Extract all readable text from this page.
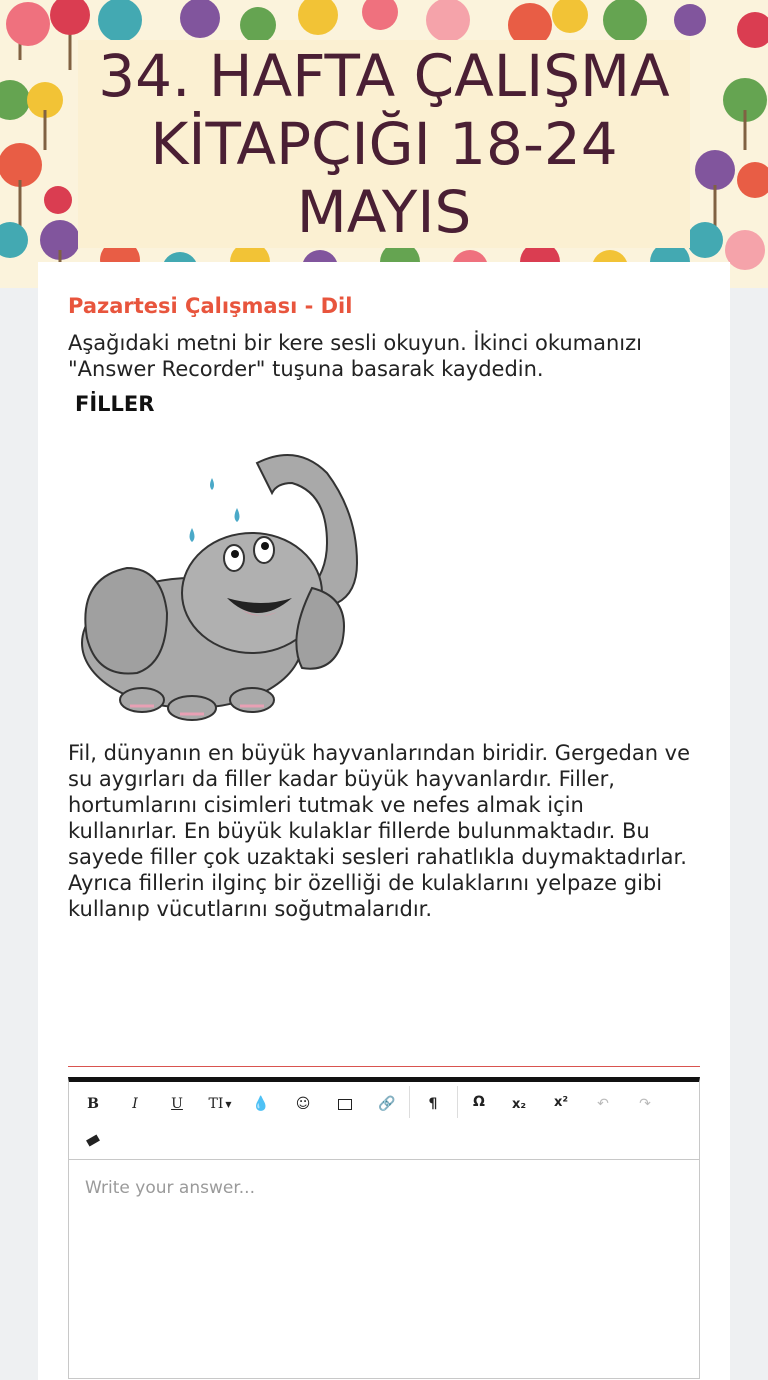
34. HAFTA ÇALIŞMA KİTAPÇIĞI 18-24 MAYIS
Pazartesi Çalışması - Dil
Aşağıdaki metni bir kere sesli okuyun. İkinci okumanızı "Answer Recorder" tuşuna basarak kaydedin.
FİLLER
Fil, dünyanın en büyük hayvanlarından biridir. Gergedan ve su aygırları da filler kadar büyük hayvanlardır. Filler, hortumlarını cisimleri tutmak ve nefes almak için kullanırlar. En büyük kulaklar fillerde bulunmaktadır. Bu sayede filler çok uzaktaki sesleri rahatlıkla duymaktadırlar. Ayrıca fillerin ilginç bir özelliği de kulaklarını yelpaze gibi kullanıp vücutlarını soğutmalarıdır.
B	I	U	TI ▼ 💧 ☺	🔗 ¶	Ω	x₂	x²	↶ ↷
Write your answer...
